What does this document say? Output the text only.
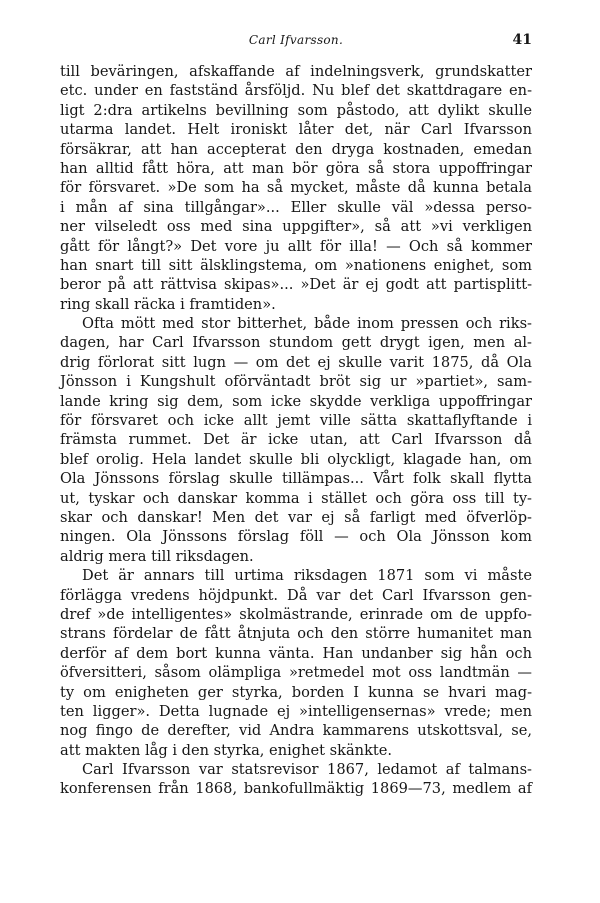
Carl Ifvarsson.	41
till beväringen, afskaffande af indelningsverk, grundskatter
etc. under en fastständ årsföljd. Nu blef det skattdragare en-
ligt 2:dra artikelns bevillning som påstodo, att dylikt skulle
utarma landet. Helt ironiskt låter det, när Carl Ifvarsson
försäkrar, att han accepterat den dryga kostnaden, emedan
han alltid fått höra, att man bör göra så stora uppoffringar
för försvaret. »De som ha så mycket, måste då kunna betala
i mån af sina tillgångar»... Eller skulle väl »dessa perso-
ner vilseledt oss med sina uppgifter», så att »vi verkligen
gått för långt?» Det vore ju allt för illa! — Och så kommer
han snart till sitt älsklingstema, om »nationens enighet, som
beror på att rättvisa skipas»... »Det är ej godt att partisplitt-
ring skall räcka i framtiden».
Ofta mött med stor bitterhet, både inom pressen och riks-
dagen, har Carl Ifvarsson stundom gett drygt igen, men al-
drig förlorat sitt lugn — om det ej skulle varit 1875, då Ola
Jönsson i Kungshult oförväntadt bröt sig ur »partiet», sam-
lande kring sig dem, som icke skydde verkliga uppoffringar
för försvaret och icke allt jemt ville sätta skattaflyftande i
främsta rummet. Det är icke utan, att Carl Ifvarsson då
blef orolig. Hela landet skulle bli olyckligt, klagade han, om
Ola Jönssons förslag skulle tillämpas... Vårt folk skall flytta
ut, tyskar och danskar komma i stället och göra oss till ty-
skar och danskar! Men det var ej så farligt med öfverlöp-
ningen. Ola Jönssons förslag föll — och Ola Jönsson kom
aldrig mera till riksdagen.
Det är annars till urtima riksdagen 1871 som vi måste
förlägga vredens höjdpunkt. Då var det Carl Ifvarsson gen-
dref »de intelligentes» skolmästrande, erinrade om de uppfo-
strans fördelar de fått åtnjuta och den större humanitet man
derför af dem bort kunna vänta. Han undanber sig hån och
öfversitteri, såsom olämpliga »retmedel mot oss landtmän —
ty om enigheten ger styrka, borden I kunna se hvari mag-
ten ligger». Detta lugnade ej »intelligensernas» vrede; men
nog fingo de derefter, vid Andra kammarens utskottsval, se,
att makten låg i den styrka, enighet skänkte.
Carl Ifvarsson var statsrevisor 1867, ledamot af talmans-
konferensen från 1868, bankofullmäktig 1869—73, medlem af
